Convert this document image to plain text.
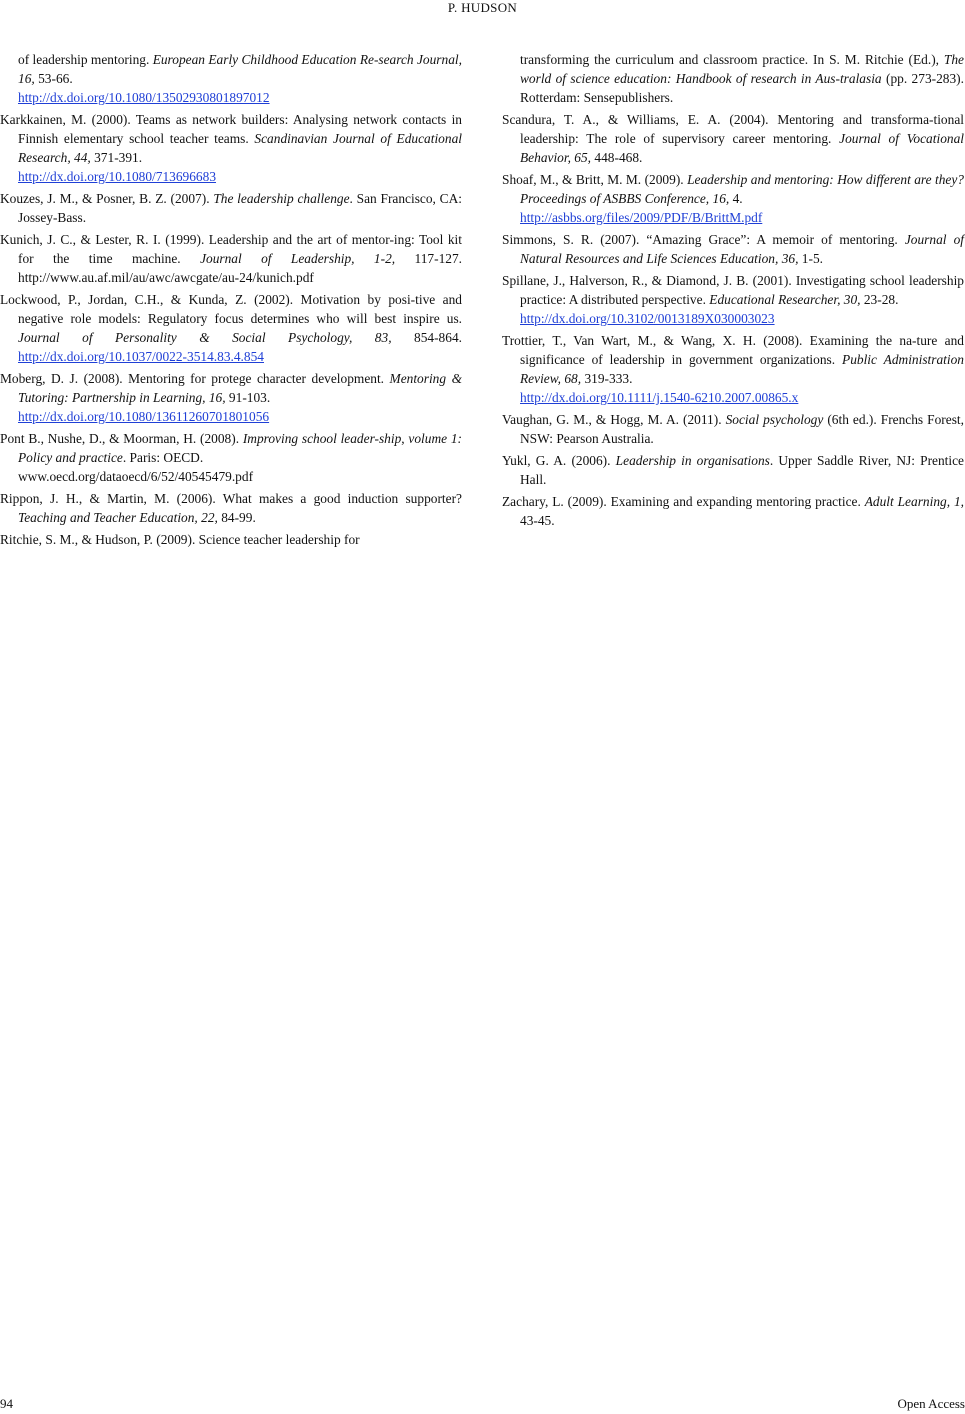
P. HUDSON
of leadership mentoring. European Early Childhood Education Re-search Journal, 16, 53-66.
http://dx.doi.org/10.1080/13502930801897012
Karkkainen, M. (2000). Teams as network builders: Analysing network contacts in Finnish elementary school teacher teams. Scandinavian Journal of Educational Research, 44, 371-391.
http://dx.doi.org/10.1080/713696683
Kouzes, J. M., & Posner, B. Z. (2007). The leadership challenge. San Francisco, CA: Jossey-Bass.
Kunich, J. C., & Lester, R. I. (1999). Leadership and the art of mentor-ing: Tool kit for the time machine. Journal of Leadership, 1-2, 117-127. http://www.au.af.mil/au/awc/awcgate/au-24/kunich.pdf
Lockwood, P., Jordan, C.H., & Kunda, Z. (2002). Motivation by posi-tive and negative role models: Regulatory focus determines who will best inspire us. Journal of Personality & Social Psychology, 83, 854-864. http://dx.doi.org/10.1037/0022-3514.83.4.854
Moberg, D. J. (2008). Mentoring for protege character development. Mentoring & Tutoring: Partnership in Learning, 16, 91-103.
http://dx.doi.org/10.1080/13611260701801056
Pont B., Nushe, D., & Moorman, H. (2008). Improving school leader-ship, volume 1: Policy and practice. Paris: OECD.
www.oecd.org/dataoecd/6/52/40545479.pdf
Rippon, J. H., & Martin, M. (2006). What makes a good induction supporter? Teaching and Teacher Education, 22, 84-99.
Ritchie, S. M., & Hudson, P. (2009). Science teacher leadership for
transforming the curriculum and classroom practice. In S. M. Ritchie (Ed.), The world of science education: Handbook of research in Aus-tralasia (pp. 273-283). Rotterdam: Sensepublishers.
Scandura, T. A., & Williams, E. A. (2004). Mentoring and transforma-tional leadership: The role of supervisory career mentoring. Journal of Vocational Behavior, 65, 448-468.
Shoaf, M., & Britt, M. M. (2009). Leadership and mentoring: How different are they? Proceedings of ASBBS Conference, 16, 4.
http://asbbs.org/files/2009/PDF/B/BrittM.pdf
Simmons, S. R. (2007). “Amazing Grace”: A memoir of mentoring. Journal of Natural Resources and Life Sciences Education, 36, 1-5.
Spillane, J., Halverson, R., & Diamond, J. B. (2001). Investigating school leadership practice: A distributed perspective. Educational Researcher, 30, 23-28.
http://dx.doi.org/10.3102/0013189X030003023
Trottier, T., Van Wart, M., & Wang, X. H. (2008). Examining the na-ture and significance of leadership in government organizations. Public Administration Review, 68, 319-333.
http://dx.doi.org/10.1111/j.1540-6210.2007.00865.x
Vaughan, G. M., & Hogg, M. A. (2011). Social psychology (6th ed.). Frenchs Forest, NSW: Pearson Australia.
Yukl, G. A. (2006). Leadership in organisations. Upper Saddle River, NJ: Prentice Hall.
Zachary, L. (2009). Examining and expanding mentoring practice. Adult Learning, 1, 43-45.
94	Open Access
